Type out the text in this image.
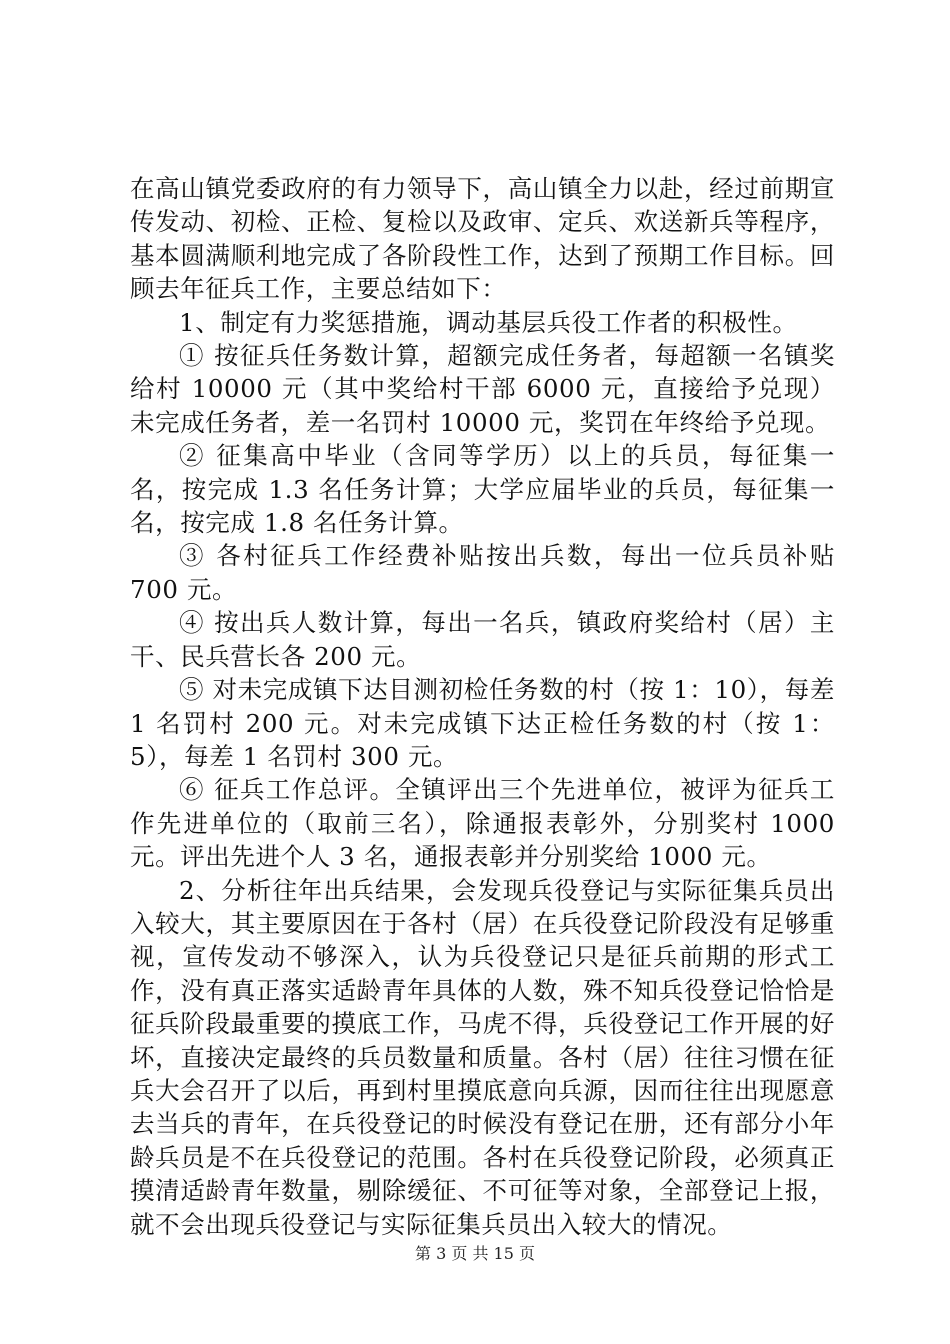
在高山镇党委政府的有力领导下，高山镇全力以赴，经过前期宣传发动、初检、正检、复检以及政审、定兵、欢送新兵等程序，基本圆满顺利地完成了各阶段性工作，达到了预期工作目标。回顾去年征兵工作，主要总结如下：

1、制定有力奖惩措施，调动基层兵役工作者的积极性。

① 按征兵任务数计算，超额完成任务者，每超额一名镇奖给村 10000 元（其中奖给村干部 6000 元，直接给予兑现）未完成任务者，差一名罚村 10000 元，奖罚在年终给予兑现。

② 征集高中毕业（含同等学历）以上的兵员，每征集一名，按完成 1.3 名任务计算；大学应届毕业的兵员，每征集一名，按完成 1.8 名任务计算。

③ 各村征兵工作经费补贴按出兵数，每出一位兵员补贴 700 元。

④ 按出兵人数计算，每出一名兵，镇政府奖给村（居）主干、民兵营长各 200 元。

⑤ 对未完成镇下达目测初检任务数的村（按 1：10），每差 1 名罚村 200 元。对未完成镇下达正检任务数的村（按 1：5），每差 1 名罚村 300 元。

⑥ 征兵工作总评。全镇评出三个先进单位，被评为征兵工作先进单位的（取前三名），除通报表彰外，分别奖村 1000 元。评出先进个人 3 名，通报表彰并分别奖给 1000 元。

2、分析往年出兵结果，会发现兵役登记与实际征集兵员出入较大，其主要原因在于各村（居）在兵役登记阶段没有足够重视，宣传发动不够深入，认为兵役登记只是征兵前期的形式工作，没有真正落实适龄青年具体的人数，殊不知兵役登记恰恰是征兵阶段最重要的摸底工作，马虎不得，兵役登记工作开展的好坏，直接决定最终的兵员数量和质量。各村（居）往往习惯在征兵大会召开了以后，再到村里摸底意向兵源，因而往往出现愿意去当兵的青年，在兵役登记的时候没有登记在册，还有部分小年龄兵员是不在兵役登记的范围。各村在兵役登记阶段，必须真正摸清适龄青年数量，剔除缓征、不可征等对象，全部登记上报，就不会出现兵役登记与实际征集兵员出入较大的情况。

第 3 页 共 15 页
